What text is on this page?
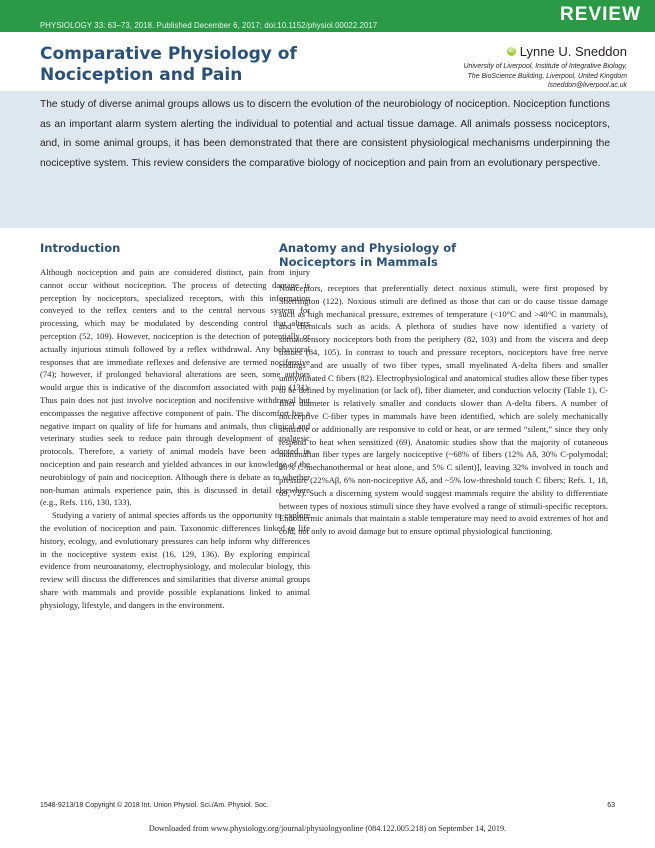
PHYSIOLOGY 33: 63–73, 2018. Published December 6, 2017; doi:10.1152/physiol.00022.2017
REVIEW
Comparative Physiology of Nociception and Pain
iD Lynne U. Sneddon
University of Liverpool, Institute of Integrative Biology,
The BioScience Building, Liverpool, United Kingdom
lsneddon@liverpool.ac.uk

The study of diverse animal groups allows us to discern the evolution of the neurobiology of nociception. Nociception functions as an important alarm system alerting the individual to potential and actual tissue damage. All animals possess nociceptors, and, in some animal groups, it has been demonstrated that there are consistent physiological mechanisms underpinning the nociceptive system. This review considers the comparative biology of nociception and pain from an evolutionary perspective.

Introduction

Although nociception and pain are considered distinct, pain from injury cannot occur without nociception. The process of detecting damage is perception by nociceptors, specialized receptors, with this information conveyed to the reflex centers and to the central nervous system for processing, which may be modulated by descending control that alters perception (52, 109). However, nociception is the detection of potentially or actually injurious stimuli followed by a reflex withdrawal. Any behavioral responses that are immediate reflexes and defensive are termed nocifensive (74); however, if prolonged behavioral alterations are seen, some authors would argue this is indicative of the discomfort associated with pain (131). Thus pain does not just involve nociception and nocifensive withdrawal but encompasses the negative affective component of pain. The discomfort has a negative impact on quality of life for humans and animals, thus clinical and veterinary studies seek to reduce pain through development of analgesic protocols. Therefore, a variety of animal models have been adopted in nociception and pain research and yielded advances in our knowledge of the neurobiology of pain and nociception. Although there is debate as to whether non-human animals experience pain, this is discussed in detail elsewhere (e.g., Refs. 116, 130, 133).

Studying a variety of animal species affords us the opportunity to explore the evolution of nociception and pain. Taxonomic differences linked to life history, ecology, and evolutionary pressures can help inform why differences in the nociceptive system exist (16, 129, 136). By exploring empirical evidence from neuroanatomy, electrophysiology, and molecular biology, this review will discuss the differences and similarities that diverse animal groups share with mammals and provide possible explanations linked to animal physiology, lifestyle, and dangers in the environment.

Anatomy and Physiology of Nociceptors in Mammals

Nociceptors, receptors that preferentially detect noxious stimuli, were first proposed by Sherrington (122). Noxious stimuli are defined as those that can or do cause tissue damage such as high mechanical pressure, extremes of temperature (<10°C and >40°C in mammals), and chemicals such as acids. A plethora of studies have now identified a variety of somatosensory nociceptors both from the periphery (82, 103) and from the viscera and deep tissues (84, 105). In contrast to touch and pressure receptors, nociceptors have free nerve endings and are usually of two fiber types, small myelinated A-delta fibers and smaller unmyelinated C fibers (82). Electrophysiological and anatomical studies allow these fiber types to be defined by myelination (or lack of), fiber diameter, and conduction velocity (Table 1). C-fiber diameter is relatively smaller and conducts slower than A-delta fibers. A number of nociceptive C-fiber types in mammals have been identified, which are solely mechanically sensitive or additionally are responsive to cold or heat, or are termed “silent,” since they only respond to heat when sensitized (69). Anatomic studies show that the majority of cutaneous mammalian fiber types are largely nociceptive (~68% of fibers (12% Aδ, 30% C-polymodal; 20% C-mechanothermal or heat alone, and 5% C silent)], leaving 32% involved in touch and pressure (22%Aβ, 6% non-nociceptive Aδ, and ~5% low-threshold touch C fibers; Refs. 1, 18, 69, 72). Such a discerning system would suggest mammals require the ability to differentiate between types of noxious stimuli since they have evolved a range of stimuli-specific receptors. Endothermic animals that maintain a stable temperature may need to avoid extremes of hot and cold, not only to avoid damage but to ensure optimal physiological functioning.

1548-9213/18 Copyright © 2018 Int. Union Physiol. Sci./Am. Physiol. Soc.	63
Downloaded from www.physiology.org/journal/physiologyonline (084.122.005.218) on September 14, 2019.
